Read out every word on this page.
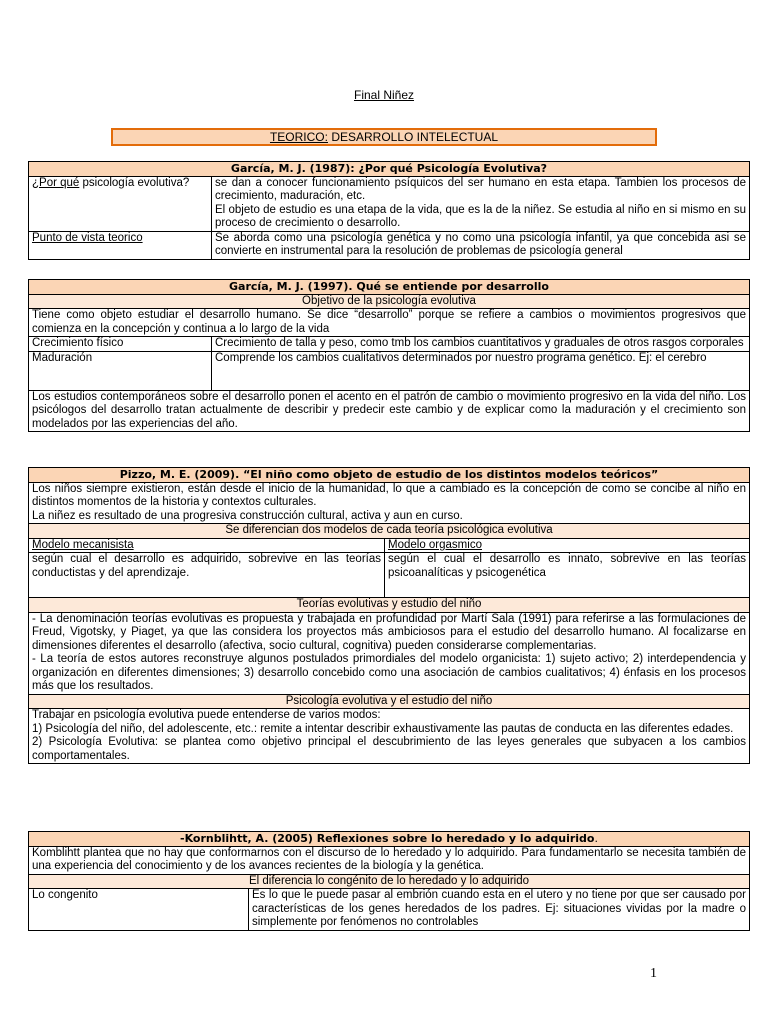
Final Niñez
TEORICO: DESARROLLO INTELECTUAL
García, M. J. (1987): ¿Por qué Psicología Evolutiva?	
¿Por qué psicología evolutiva?	se dan a conocer funcionamiento psíquicos del ser humano en esta etapa. Tambien los procesos de crecimiento, maduración, etc.
El objeto de estudio es una etapa de la vida, que es la de la niñez. Se estudia al niño en si mismo en su proceso de crecimiento o desarrollo.

Punto de vista teorico	Se aborda como una psicología genética y no como una psicología infantil, ya que concebida asi se convierte en instrumental para la resolución de problemas de psicología general
García, M. J. (1997). Qué se entiende por desarrollo	
Objetivo de la psicología evolutiva	
Tiene como objeto estudiar el desarrollo humano. Se dice “desarrollo” porque se refiere a cambios o movimientos progresivos que comienza en la concepción y continua a lo largo de la vida	
Crecimiento físico	Crecimiento de talla y peso, como tmb los cambios cuantitativos y graduales de otros rasgos corporales
Maduración	Comprende los cambios cualitativos determinados por nuestro programa genético. Ej: el cerebro
Los estudios contemporáneos sobre el desarrollo ponen el acento en el patrón de cambio o movimiento progresivo en la vida del niño. Los psicólogos del desarrollo tratan actualmente de describir y predecir este cambio y de explicar como la maduración y el crecimiento son modelados por las experiencias del año.	
Pizzo, M. E. (2009). “El niño como objeto de estudio de los distintos modelos teóricos”	

Los niños siempre existieron, están desde el inicio de la humanidad, lo que a cambiado es la concepción de como se concibe al niño en distintos momentos de la historia y contextos culturales.
La niñez es resultado de una progresiva construcción cultural, activa y aun en curso.	

Se diferencian dos modelos de cada teoría psicológica evolutiva	
Modelo mecanisista	Modelo orgasmico
según cual el desarrollo es adquirido, sobrevive en las teorías conductistas y del aprendizaje.	según el cual el desarrollo es innato, sobrevive en las teorías psicoanalíticas y psicogenética
Teorías evolutivas y estudio del niño	

- La denominación teorías evolutivas es propuesta y trabajada en profundidad por Martí Sala (1991) para referirse a las formulaciones de Freud, Vigotsky, y Piaget, ya que las considera los proyectos más ambiciosos para el estudio del desarrollo humano. Al focalizarse en dimensiones diferentes el desarrollo (afectiva, socio cultural, cognitiva) pueden considerarse complementarias.
- La teoría de estos autores reconstruye algunos postulados primordiales del modelo organicista: 1) sujeto activo; 2) interdependencia y organización en diferentes dimensiones; 3) desarrollo concebido como una asociación de cambios cualitativos; 4) énfasis en los procesos más que los resultados.	

Psicología evolutiva y el estudio del niño	

Trabajar en psicología evolutiva puede entenderse de varios modos:
1) Psicología del niño, del adolescente, etc.: remite a intentar describir exhaustivamente las pautas de conducta en las diferentes edades.
2) Psicología Evolutiva: se plantea como objetivo principal el descubrimiento de las leyes generales que subyacen a los cambios comportamentales.	
-Kornblihtt, A. (2005) Reflexiones sobre lo heredado y lo adquirido.
Komblihtt plantea que no hay que conformarnos con el discurso de lo heredado y lo adquirido. Para fundamentarlo se necesita también de una experiencia del conocimiento y de los avances recientes de la biología y la genética.
El diferencia lo congénito de lo heredado y lo adquirido
Lo congenito	Es lo que le puede pasar al embrión cuando esta en el utero y no tiene por que ser causado por características de los genes heredados de los padres. Ej: situaciones vividas por la madre o simplemente por fenómenos no controlables
1
